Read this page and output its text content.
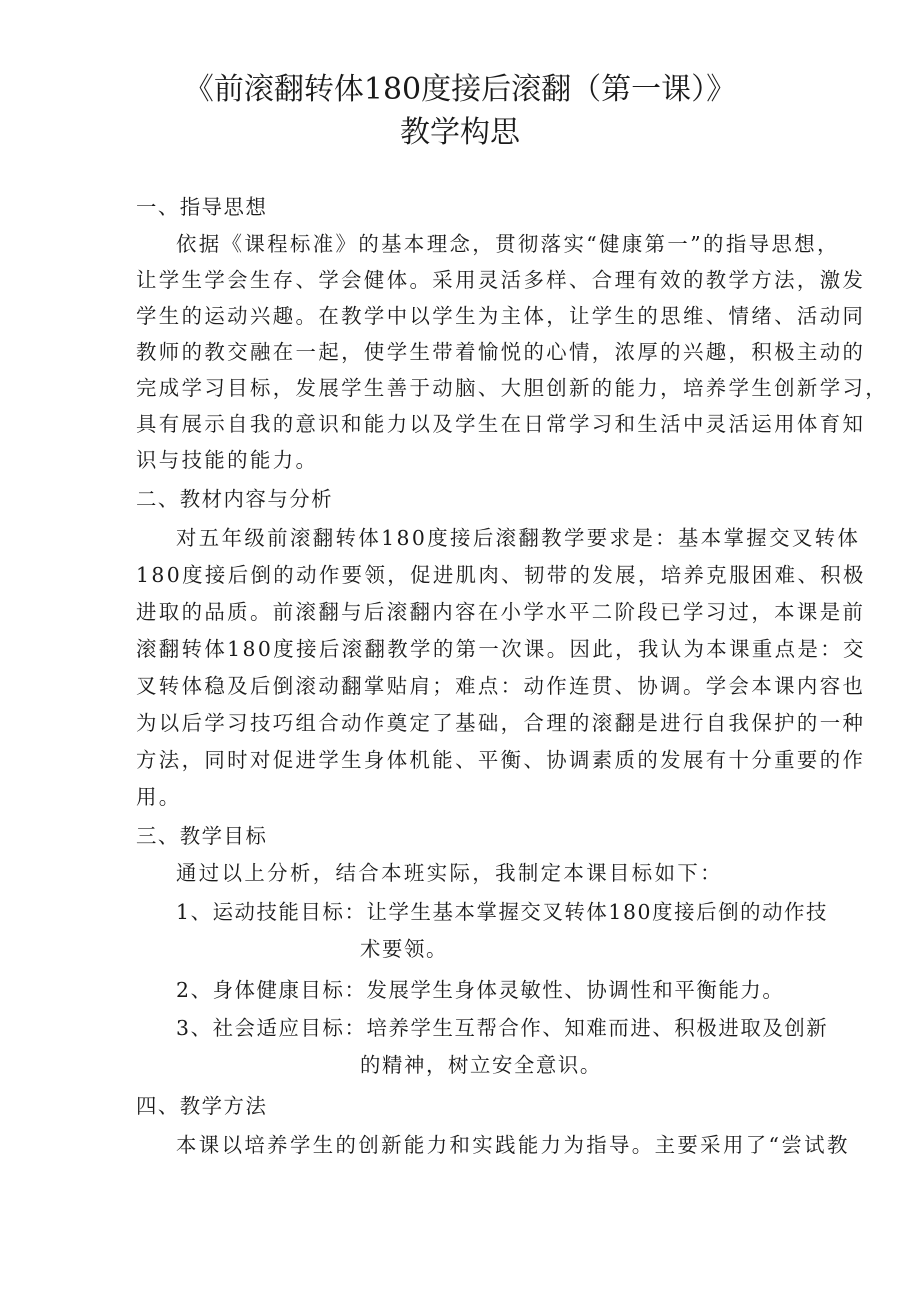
《前滚翻转体180度接后滚翻（第一课）》
教学构思
一、指导思想
依据《课程标准》的基本理念，贯彻落实“健康第一”的指导思想，
让学生学会生存、学会健体。采用灵活多样、合理有效的教学方法，激发
学生的运动兴趣。在教学中以学生为主体，让学生的思维、情绪、活动同
教师的教交融在一起，使学生带着愉悦的心情，浓厚的兴趣，积极主动的
完成学习目标，发展学生善于动脑、大胆创新的能力，培养学生创新学习，
具有展示自我的意识和能力以及学生在日常学习和生活中灵活运用体育知
识与技能的能力。
二、教材内容与分析
对五年级前滚翻转体180度接后滚翻教学要求是：基本掌握交叉转体
180度接后倒的动作要领，促进肌肉、韧带的发展，培养克服困难、积极
进取的品质。前滚翻与后滚翻内容在小学水平二阶段已学习过，本课是前
滚翻转体180度接后滚翻教学的第一次课。因此，我认为本课重点是：交
叉转体稳及后倒滚动翻掌贴肩；难点：动作连贯、协调。学会本课内容也
为以后学习技巧组合动作奠定了基础，合理的滚翻是进行自我保护的一种
方法，同时对促进学生身体机能、平衡、协调素质的发展有十分重要的作
用。
三、教学目标
通过以上分析，结合本班实际，我制定本课目标如下：
1、运动技能目标：让学生基本掌握交叉转体180度接后倒的动作技
术要领。
2、身体健康目标：发展学生身体灵敏性、协调性和平衡能力。
3、社会适应目标：培养学生互帮合作、知难而进、积极进取及创新
的精神，树立安全意识。
四、教学方法
本课以培养学生的创新能力和实践能力为指导。主要采用了“尝试教
